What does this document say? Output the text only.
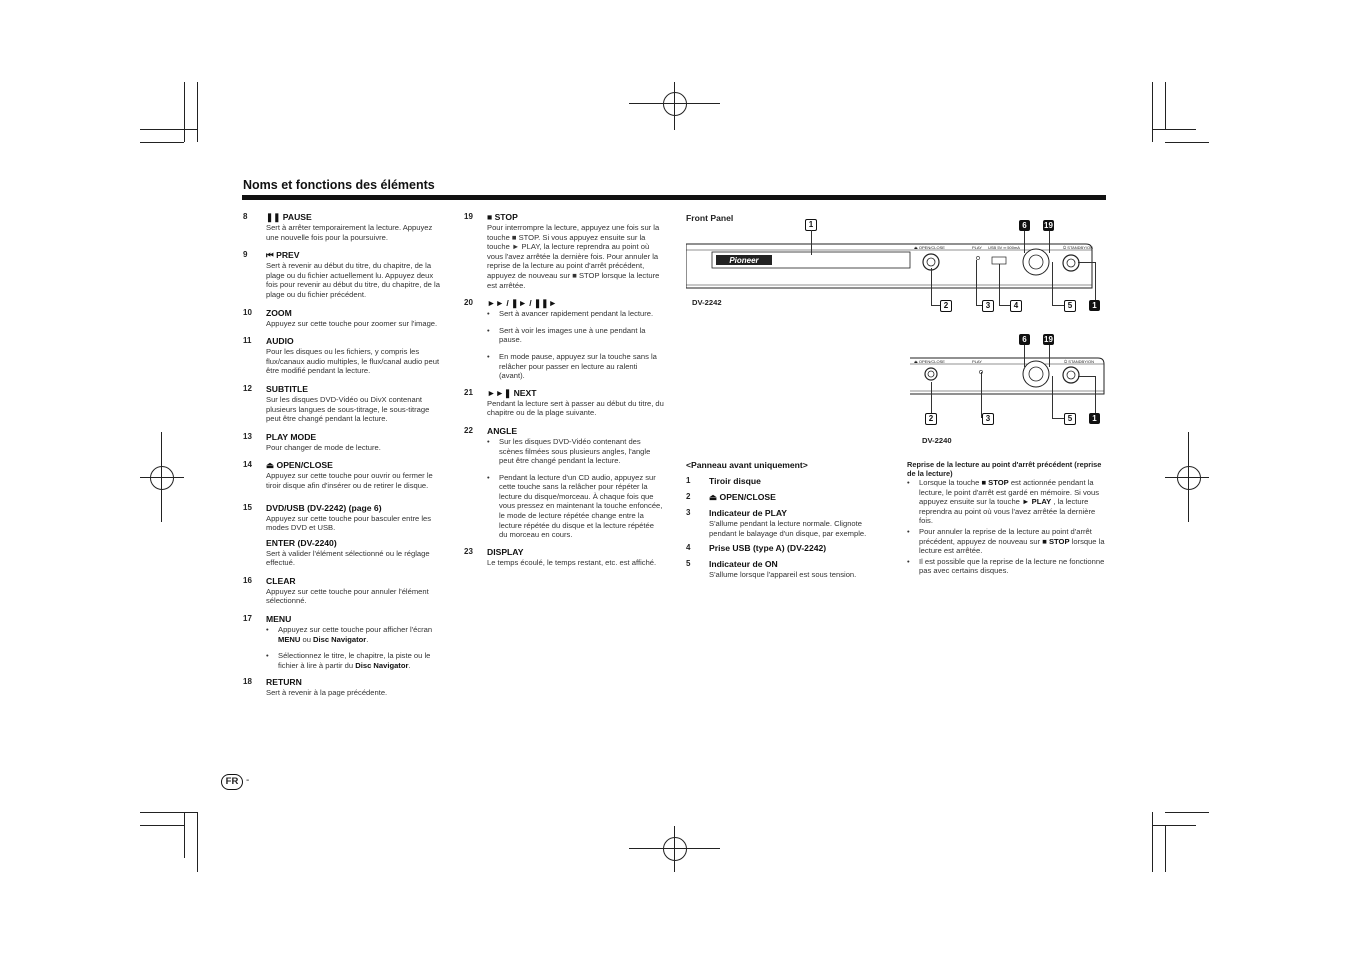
Noms et fonctions des éléments
8 ❚❚ PAUSE
Sert à arrêter temporairement la lecture. Appuyez une nouvelle fois pour la poursuivre.
9 ⏮ PREV
Sert à revenir au début du titre, du chapitre, de la plage ou du fichier actuellement lu. Appuyez deux fois pour revenir au début du titre, du chapitre, de la plage ou du fichier précédent.
10 ZOOM
Appuyez sur cette touche pour zoomer sur l'image.
11 AUDIO
Pour les disques ou les fichiers, y compris les flux/canaux audio multiples, le flux/canal audio peut être modifié pendant la lecture.
12 SUBTITLE
Sur les disques DVD-Vidéo ou DivX contenant plusieurs langues de sous-titrage, le sous-titrage peut être changé pendant la lecture.
13 PLAY MODE
Pour changer de mode de lecture.
14 ⏏ OPEN/CLOSE
Appuyez sur cette touche pour ouvrir ou fermer le tiroir disque afin d'insérer ou de retirer le disque.
15 DVD/USB (DV-2242) (page 6)
Appuyez sur cette touche pour basculer entre les modes DVD et USB.
ENTER (DV-2240)
Sert à valider l'élément sélectionné ou le réglage effectué.
16 CLEAR
Appuyez sur cette touche pour annuler l'élément sélectionné.
17 MENU
• Appuyez sur cette touche pour afficher l'écran MENU ou Disc Navigator.
• Sélectionnez le titre, le chapitre, la piste ou le fichier à lire à partir du Disc Navigator.
18 RETURN
Sert à revenir à la page précédente.
19 ■ STOP
Pour interrompre la lecture, appuyez une fois sur la touche ■ STOP. Si vous appuyez ensuite sur la touche ► PLAY, la lecture reprendra au point où vous l'avez arrêtée la dernière fois. Pour annuler la reprise de la lecture au point d'arrêt précédent, appuyez de nouveau sur ■ STOP lorsque la lecture est arrêtée.
20 ►► / ❚► / ❚❚►
• Sert à avancer rapidement pendant la lecture.
• Sert à voir les images une à une pendant la pause.
• En mode pause, appuyez sur la touche sans la relâcher pour passer en lecture au ralenti (avant).
21 ►►❚ NEXT
Pendant la lecture sert à passer au début du titre, du chapitre ou de la plage suivante.
22 ANGLE
• Sur les disques DVD-Vidéo contenant des scènes filmées sous plusieurs angles, l'angle peut être changé pendant la lecture.
• Pendant la lecture d'un CD audio, appuyez sur cette touche sans la relâcher pour répéter la lecture du disque/morceau. À chaque fois que vous pressez en maintenant la touche enfoncée, le mode de lecture répétée change entre la lecture répétée du disque et la lecture répétée du morceau en cours.
23 DISPLAY
Le temps écoulé, le temps restant, etc. est affiché.
Front Panel
Pioneer
⏏ OPEN/CLOSE	PLAY USB 5V ═ 500mA	⏻ STANDBY/ON
DV-2242
1	6	19
2	3	4	5	1
⏏ OPEN/CLOSE	PLAY	⏻ STANDBY/ON
DV-2240
6	19
2	3	5	1
<Panneau avant uniquement>
1 Tiroir disque
2 ⏏ OPEN/CLOSE
3 Indicateur de PLAY
S'allume pendant la lecture normale. Clignote pendant le balayage d'un disque, par exemple.
4 Prise USB (type A) (DV-2242)
5 Indicateur de ON
S'allume lorsque l'appareil est sous tension.
Reprise de la lecture au point d'arrêt précédent (reprise de la lecture)
• Lorsque la touche ■ STOP est actionnée pendant la lecture, le point d'arrêt est gardé en mémoire. Si vous appuyez ensuite sur la touche ► PLAY , la lecture reprendra au point où vous l'avez arrêtée la dernière fois.
• Pour annuler la reprise de la lecture au point d'arrêt précédent, appuyez de nouveau sur ■ STOP lorsque la lecture est arrêtée.
• Il est possible que la reprise de la lecture ne fonctionne pas avec certains disques.
FR -
